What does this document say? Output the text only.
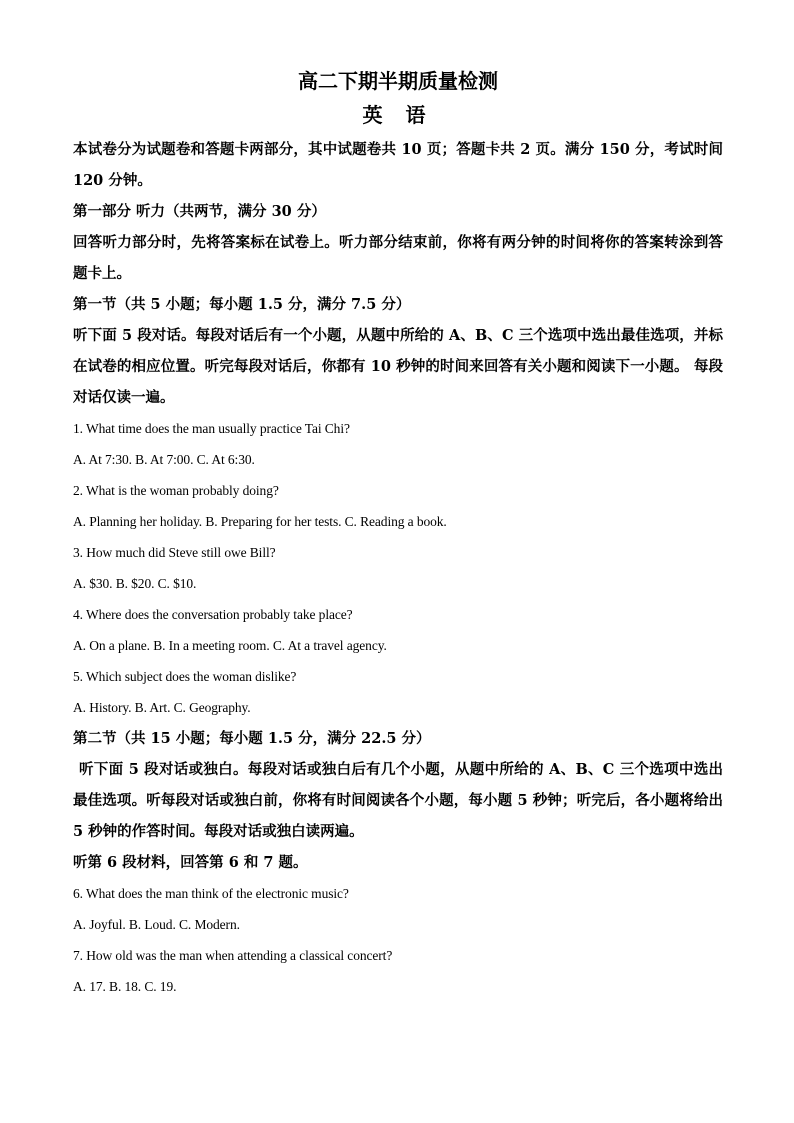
高二下期半期质量检测
英 语

本试卷分为试题卷和答题卡两部分，其中试题卷共 10 页；答题卡共 2 页。满分 150 分，考试时间 120 分钟。

第一部分 听力（共两节，满分 30 分）

回答听力部分时，先将答案标在试卷上。听力部分结束前，你将有两分钟的时间将你的答案转涂到答题卡上。

第一节（共 5 小题；每小题 1.5 分，满分 7.5 分）

听下面 5 段对话。每段对话后有一个小题，从题中所给的 A、B、C 三个选项中选出最佳选项，并标在试卷的相应位置。听完每段对话后，你都有 10 秒钟的时间来回答有关小题和阅读下一小题。 每段对话仅读一遍。

1. What time does the man usually practice Tai Chi?

A. At 7:30. B. At 7:00. C. At 6:30.

2. What is the woman probably doing?

A. Planning her holiday. B. Preparing for her tests. C. Reading a book.

3. How much did Steve still owe Bill?

A. $30. B. $20. C. $10.

4. Where does the conversation probably take place?

A. On a plane. B. In a meeting room. C. At a travel agency.

5. Which subject does the woman dislike?

A. History. B. Art. C. Geography.

第二节（共 15 小题；每小题 1.5 分，满分 22.5 分）

听下面 5 段对话或独白。每段对话或独白后有几个小题，从题中所给的 A、B、C 三个选项中选出最佳选项。听每段对话或独白前，你将有时间阅读各个小题，每小题 5 秒钟；听完后，各小题将给出 5 秒钟的作答时间。每段对话或独白读两遍。

听第 6 段材料，回答第 6 和 7 题。

6. What does the man think of the electronic music?

A. Joyful. B. Loud. C. Modern.

7. How old was the man when attending a classical concert?

A. 17. B. 18. C. 19.
